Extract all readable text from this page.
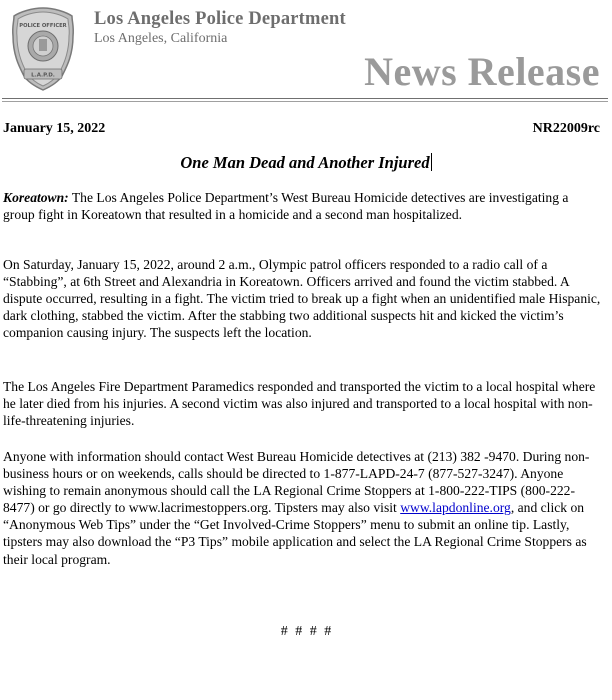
POLICE OFFICER
L.A.P.D.
Los Angeles Police Department
Los Angeles, California
News Release
January 15, 2022	NR22009rc
One Man Dead and Another Injured

Koreatown: The Los Angeles Police Department’s West Bureau Homicide detectives are investigating a group fight in Koreatown that resulted in a homicide and a second man hospitalized.

On Saturday, January 15, 2022, around 2 a.m., Olympic patrol officers responded to a radio call of a “Stabbing”, at 6th Street and Alexandria in Koreatown. Officers arrived and found the victim stabbed. A dispute occurred, resulting in a fight. The victim tried to break up a fight when an unidentified male Hispanic, dark clothing, stabbed the victim. After the stabbing two additional suspects hit and kicked the victim’s companion causing injury. The suspects left the location.

The Los Angeles Fire Department Paramedics responded and transported the victim to a local hospital where he later died from his injuries. A second victim was also injured and transported to a local hospital with non-life-threatening injuries.

Anyone with information should contact West Bureau Homicide detectives at (213) 382 -9470. During non-business hours or on weekends, calls should be directed to 1-877-LAPD-24-7 (877-527-3247). Anyone wishing to remain anonymous should call the LA Regional Crime Stoppers at 1-800-222-TIPS (800-222-8477) or go directly to www.lacrimestoppers.org. Tipsters may also visit www.lapdonline.org, and click on “Anonymous Web Tips” under the “Get Involved-Crime Stoppers” menu to submit an online tip. Lastly, tipsters may also download the “P3 Tips” mobile application and select the LA Regional Crime Stoppers as their local program.

# # # #
